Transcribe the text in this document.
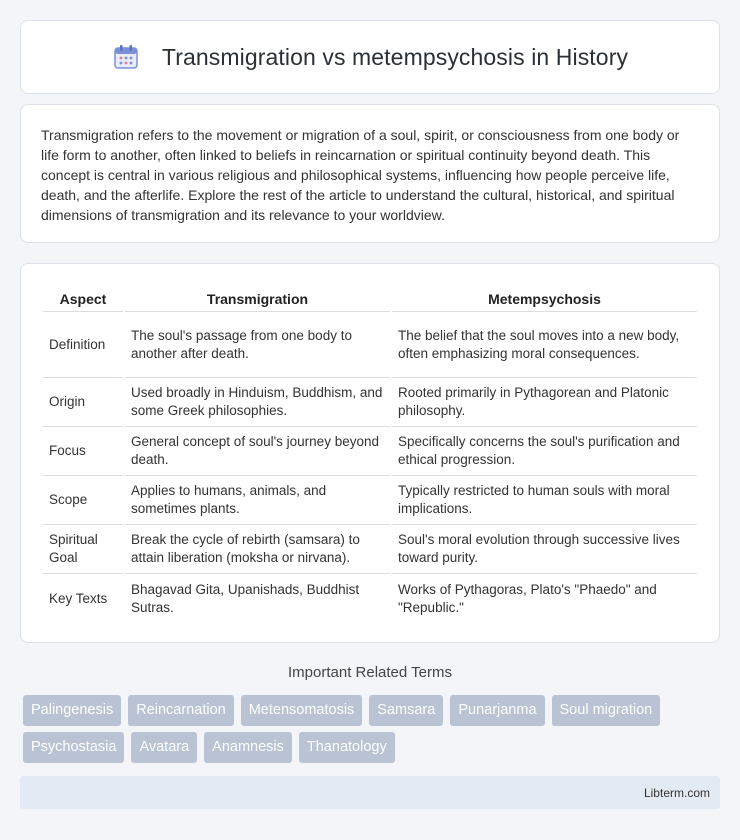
Transmigration vs metempsychosis in History

Transmigration refers to the movement or migration of a soul, spirit, or consciousness from one body or life form to another, often linked to beliefs in reincarnation or spiritual continuity beyond death. This concept is central in various religious and philosophical systems, influencing how people perceive life, death, and the afterlife. Explore the rest of the article to understand the cultural, historical, and spiritual dimensions of transmigration and its relevance to your worldview.

Aspect	Transmigration	Metempsychosis
Definition	The soul's passage from one body to another after death.	The belief that the soul moves into a new body, often emphasizing moral consequences.
Origin	Used broadly in Hinduism, Buddhism, and some Greek philosophies.	Rooted primarily in Pythagorean and Platonic philosophy.
Focus	General concept of soul's journey beyond death.	Specifically concerns the soul's purification and ethical progression.
Scope	Applies to humans, animals, and sometimes plants.	Typically restricted to human souls with moral implications.
Spiritual Goal	Break the cycle of rebirth (samsara) to attain liberation (moksha or nirvana).	Soul's moral evolution through successive lives toward purity.
Key Texts	Bhagavad Gita, Upanishads, Buddhist Sutras.	Works of Pythagoras, Plato's "Phaedo" and "Republic."
Important Related Terms
Palingenesis	Reincarnation	Metensomatosis	Samsara	Punarjanma	Soul migration
Psychostasia	Avatara	Anamnesis	Thanatology
Libterm.com
